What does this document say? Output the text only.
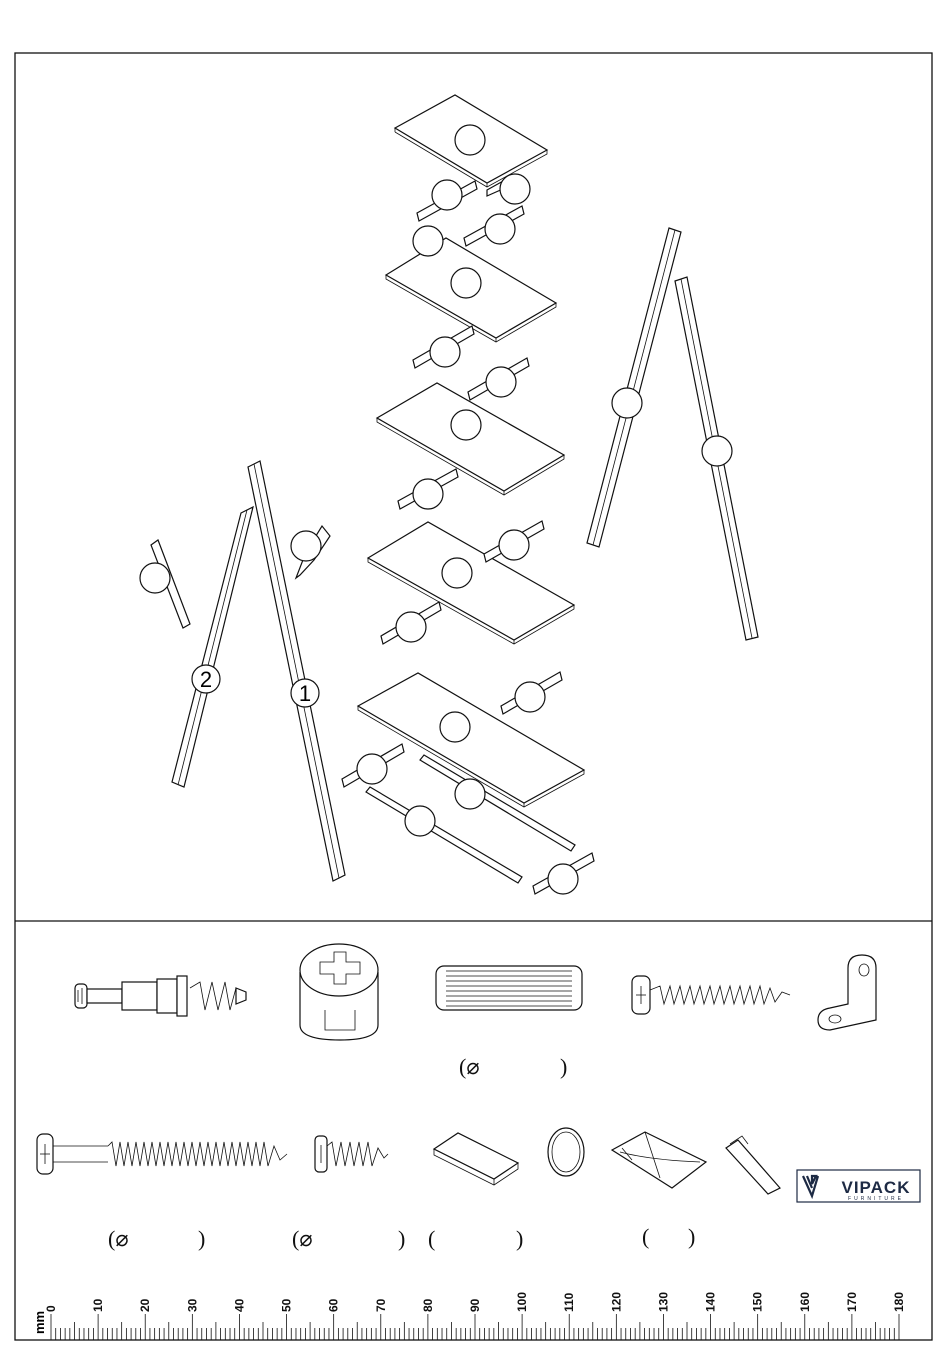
1
2
(⌀	)
(⌀	)	(⌀	) (	)	( )
VIPACK
FURNITURE
0	10	20	30	40	50	60	70	80	90	100	110	120	130	140	150	160	170	180
mm
